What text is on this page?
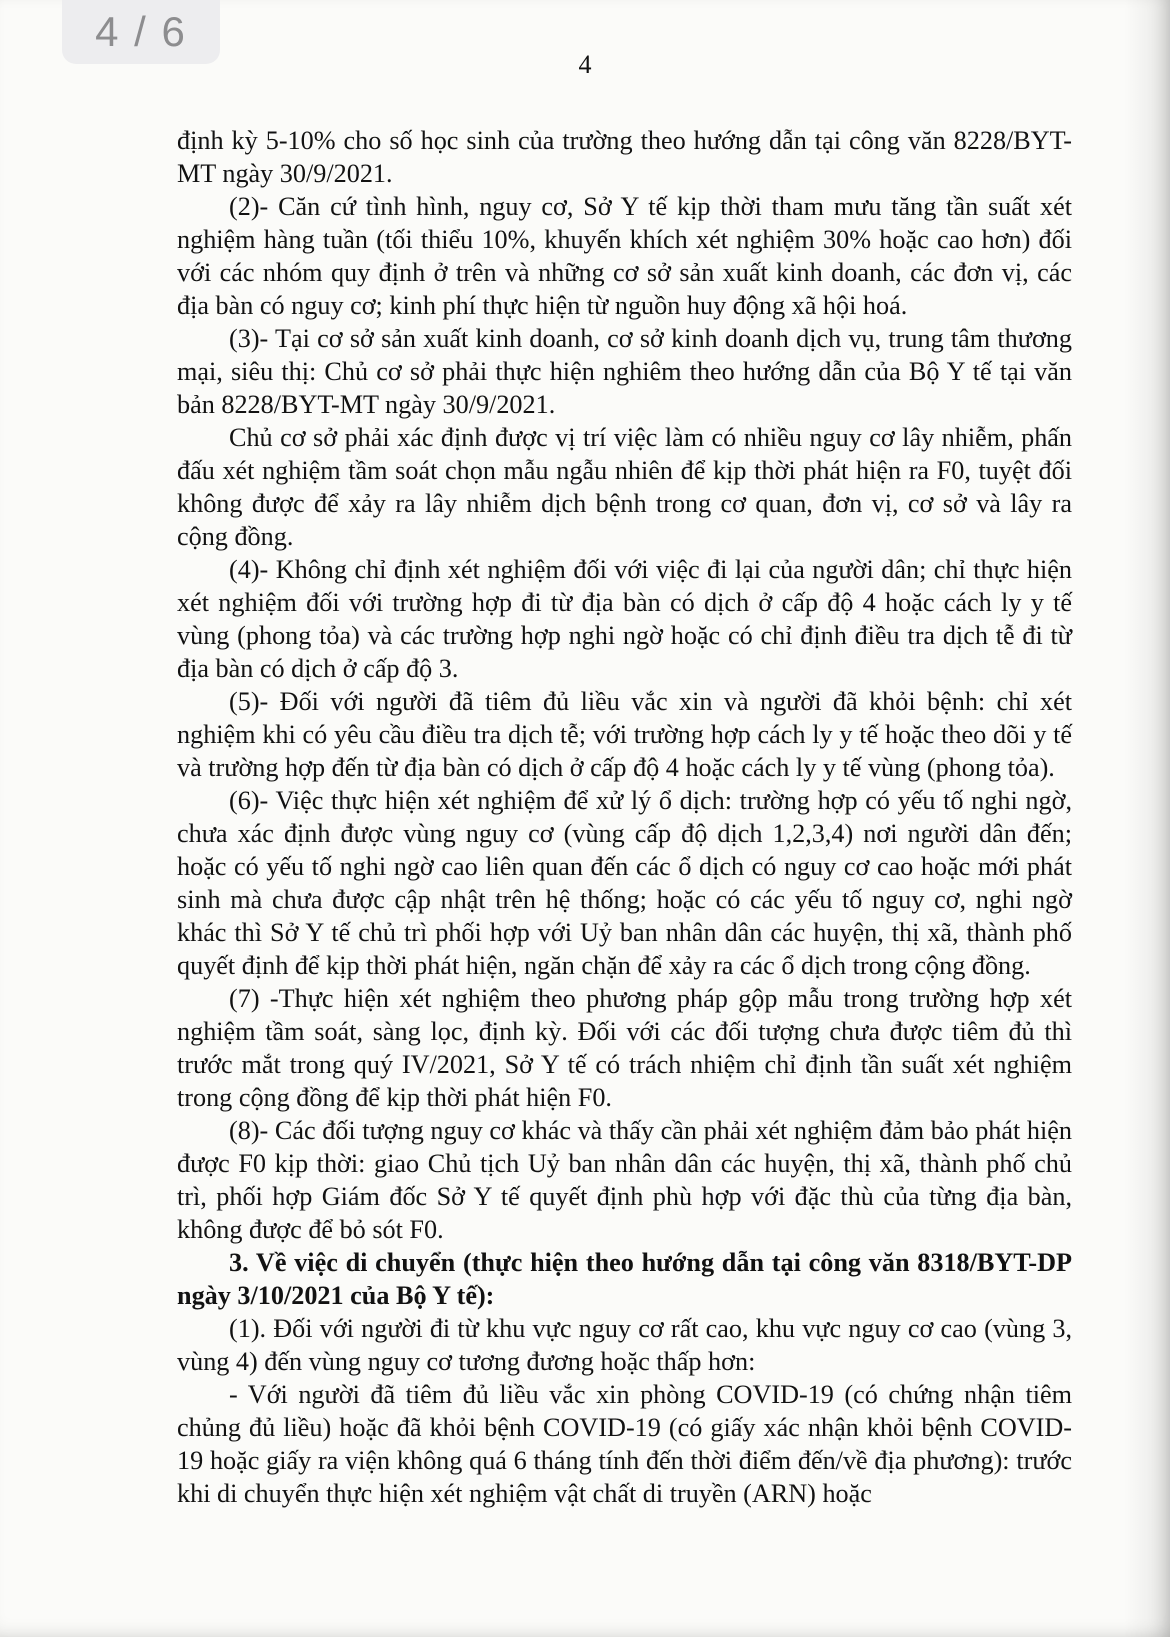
4 / 6
4

định kỳ 5-10% cho số học sinh của trường theo hướng dẫn tại công văn 8228/BYT-MT ngày 30/9/2021.

(2)- Căn cứ tình hình, nguy cơ, Sở Y tế kịp thời tham mưu tăng tần suất xét nghiệm hàng tuần (tối thiểu 10%, khuyến khích xét nghiệm 30% hoặc cao hơn) đối với các nhóm quy định ở trên và những cơ sở sản xuất kinh doanh, các đơn vị, các địa bàn có nguy cơ; kinh phí thực hiện từ nguồn huy động xã hội hoá.

(3)- Tại cơ sở sản xuất kinh doanh, cơ sở kinh doanh dịch vụ, trung tâm thương mại, siêu thị: Chủ cơ sở phải thực hiện nghiêm theo hướng dẫn của Bộ Y tế tại văn bản 8228/BYT-MT ngày 30/9/2021.

Chủ cơ sở phải xác định được vị trí việc làm có nhiều nguy cơ lây nhiễm, phấn đấu xét nghiệm tầm soát chọn mẫu ngẫu nhiên để kịp thời phát hiện ra F0, tuyệt đối không được để xảy ra lây nhiễm dịch bệnh trong cơ quan, đơn vị, cơ sở và lây ra cộng đồng.

(4)- Không chỉ định xét nghiệm đối với việc đi lại của người dân; chỉ thực hiện xét nghiệm đối với trường hợp đi từ địa bàn có dịch ở cấp độ 4 hoặc cách ly y tế vùng (phong tỏa) và các trường hợp nghi ngờ hoặc có chỉ định điều tra dịch tễ đi từ địa bàn có dịch ở cấp độ 3.

(5)- Đối với người đã tiêm đủ liều vắc xin và người đã khỏi bệnh: chỉ xét nghiệm khi có yêu cầu điều tra dịch tễ; với trường hợp cách ly y tế hoặc theo dõi y tế và trường hợp đến từ địa bàn có dịch ở cấp độ 4 hoặc cách ly y tế vùng (phong tỏa).

(6)- Việc thực hiện xét nghiệm để xử lý ổ dịch: trường hợp có yếu tố nghi ngờ, chưa xác định được vùng nguy cơ (vùng cấp độ dịch 1,2,3,4) nơi người dân đến; hoặc có yếu tố nghi ngờ cao liên quan đến các ổ dịch có nguy cơ cao hoặc mới phát sinh mà chưa được cập nhật trên hệ thống; hoặc có các yếu tố nguy cơ, nghi ngờ khác thì Sở Y tế chủ trì phối hợp với Uỷ ban nhân dân các huyện, thị xã, thành phố quyết định để kịp thời phát hiện, ngăn chặn để xảy ra các ổ dịch trong cộng đồng.

(7) -Thực hiện xét nghiệm theo phương pháp gộp mẫu trong trường hợp xét nghiệm tầm soát, sàng lọc, định kỳ. Đối với các đối tượng chưa được tiêm đủ thì trước mắt trong quý IV/2021, Sở Y tế có trách nhiệm chỉ định tần suất xét nghiệm trong cộng đồng để kịp thời phát hiện F0.

(8)- Các đối tượng nguy cơ khác và thấy cần phải xét nghiệm đảm bảo phát hiện được F0 kịp thời: giao Chủ tịch Uỷ ban nhân dân các huyện, thị xã, thành phố chủ trì, phối hợp Giám đốc Sở Y tế quyết định phù hợp với đặc thù của từng địa bàn, không được để bỏ sót F0.

3. Về việc di chuyển (thực hiện theo hướng dẫn tại công văn 8318/BYT-DP ngày 3/10/2021 của Bộ Y tế):

(1). Đối với người đi từ khu vực nguy cơ rất cao, khu vực nguy cơ cao (vùng 3, vùng 4) đến vùng nguy cơ tương đương hoặc thấp hơn:

- Với người đã tiêm đủ liều vắc xin phòng COVID-19 (có chứng nhận tiêm chủng đủ liều) hoặc đã khỏi bệnh COVID-19 (có giấy xác nhận khỏi bệnh COVID-19 hoặc giấy ra viện không quá 6 tháng tính đến thời điểm đến/về địa phương): trước khi di chuyển thực hiện xét nghiệm vật chất di truyền (ARN) hoặc
